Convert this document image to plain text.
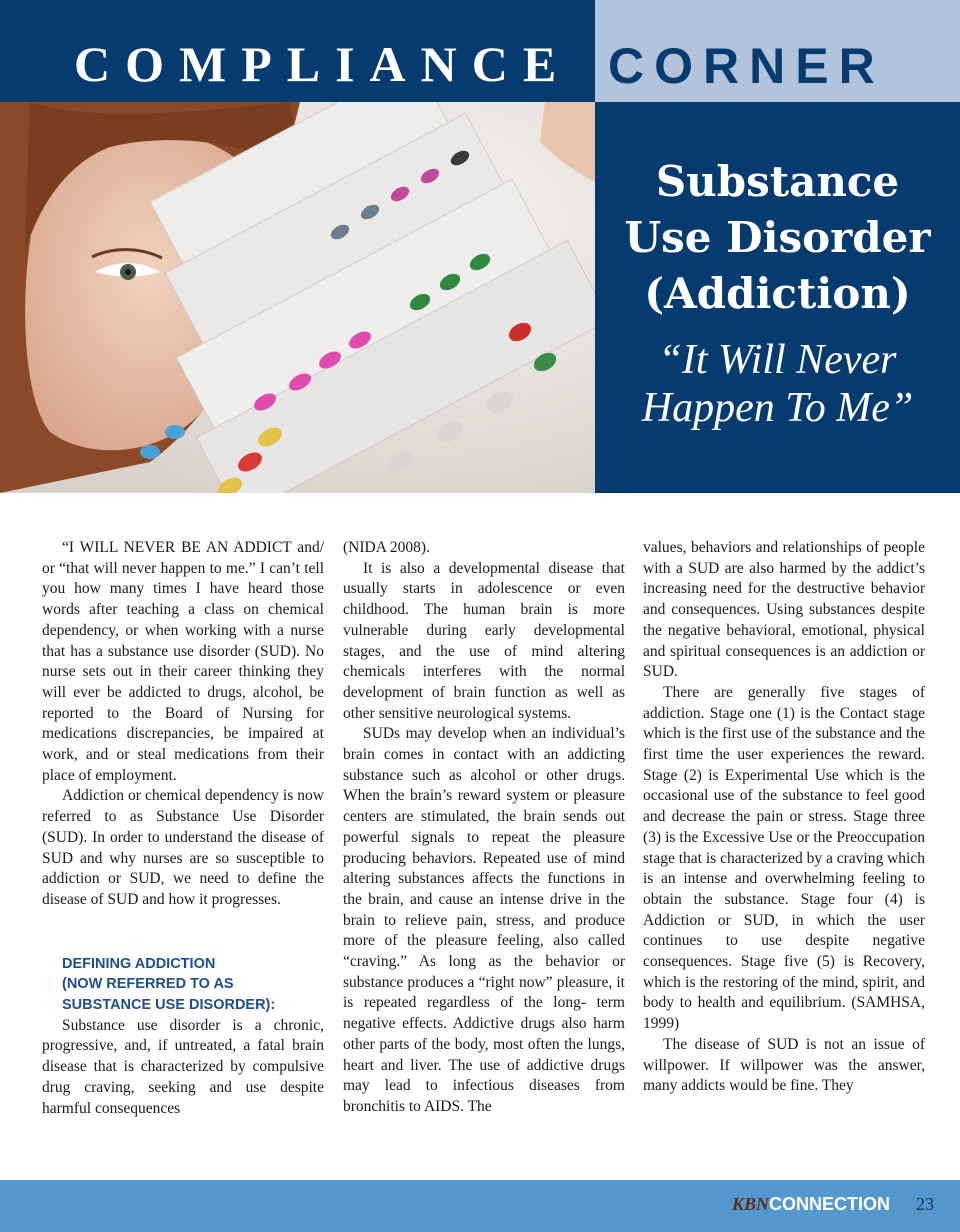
COMPLIANCE CORNER
Substance
Use Disorder
(Addiction)
“It Will Never
Happen To Me”

“I WILL NEVER BE AN ADDICT and/ or “that will never happen to me.” I can’t tell you how many times I have heard those words after teaching a class on chemical dependency, or when working with a nurse that has a substance use disorder (SUD). No nurse sets out in their career thinking they will ever be addicted to drugs, alcohol, be reported to the Board of Nursing for medications discrepancies, be impaired at work, and or steal medications from their place of employment.

Addiction or chemical dependency is now referred to as Substance Use Disorder (SUD). In order to understand the disease of SUD and why nurses are so susceptible to addiction or SUD, we need to define the disease of SUD and how it progresses.

DEFINING ADDICTION
(NOW REFERRED TO AS
SUBSTANCE USE DISORDER):

Substance use disorder is a chronic, progressive, and, if untreated, a fatal brain disease that is characterized by compulsive drug craving, seeking and use despite harmful consequences

(NIDA 2008).

It is also a developmental disease that usually starts in adolescence or even childhood. The human brain is more vulnerable during early developmental stages, and the use of mind altering chemicals interferes with the normal development of brain function as well as other sensitive neurological systems.

SUDs may develop when an individual’s brain comes in contact with an addicting substance such as alcohol or other drugs. When the brain’s reward system or pleasure centers are stimulated, the brain sends out powerful signals to repeat the pleasure producing behaviors. Repeated use of mind altering substances affects the functions in the brain, and cause an intense drive in the brain to relieve pain, stress, and produce more of the pleasure feeling, also called “craving.” As long as the behavior or substance produces a “right now” pleasure, it is repeated regardless of the long- term negative effects. Addictive drugs also harm other parts of the body, most often the lungs, heart and liver. The use of addictive drugs may lead to infectious diseases from bronchitis to AIDS. The

values, behaviors and relationships of people with a SUD are also harmed by the addict’s increasing need for the destructive behavior and consequences. Using substances despite the negative behavioral, emotional, physical and spiritual consequences is an addiction or SUD.

There are generally five stages of addiction. Stage one (1) is the Contact stage which is the first use of the substance and the first time the user experiences the reward. Stage (2) is Experimental Use which is the occasional use of the substance to feel good and decrease the pain or stress. Stage three (3) is the Excessive Use or the Preoccupation stage that is characterized by a craving which is an intense and overwhelming feeling to obtain the substance. Stage four (4) is Addiction or SUD, in which the user continues to use despite negative consequences. Stage five (5) is Recovery, which is the restoring of the mind, spirit, and body to health and equilibrium. (SAMHSA, 1999)

The disease of SUD is not an issue of willpower. If willpower was the answer, many addicts would be fine. They

KBNCONNECTION 23
